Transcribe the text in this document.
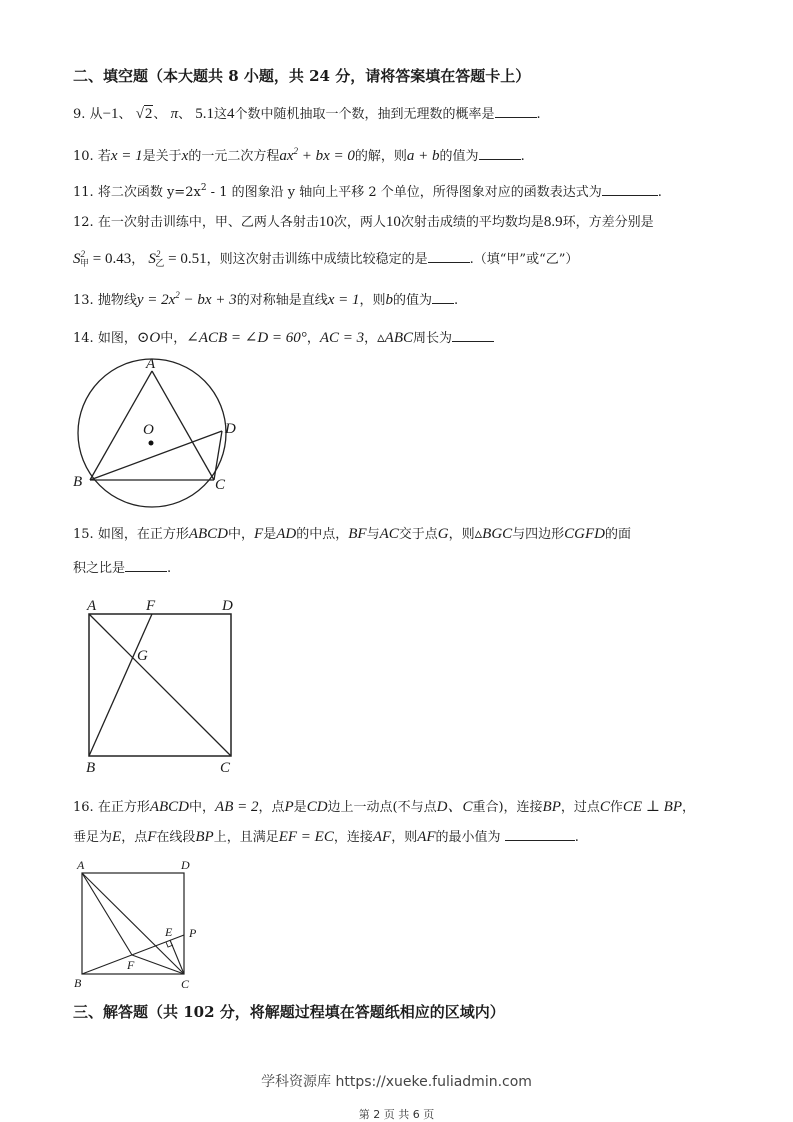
二、填空题（本大题共 8 小题，共 24 分，请将答案填在答题卡上）
9. 从−1、 √2、 π、 5.1这4个数中随机抽取一个数，抽到无理数的概率是	.
10. 若x = 1是关于x的一元二次方程$ax^2$ + bx = 0的解，则a + b的值为	.
11. 将二次函数 $y=2x^2 - 1$ 的图象沿 y 轴向上平移 2 个单位，所得图象对应的函数表达式为	.
12. 在一次射击训练中，甲、乙两人各射击10次，两人10次射击成绩的平均数均是8.9环，方差分别是
$S^2_甲 = 0.43$， $S^2_乙 = 0.51$，则这次射击训练中成绩比较稳定的是	.（填“甲”或“乙”）
13. 抛物线$y = 2x^2$ − bx + 3的对称轴是直线x = 1，则b的值为 .
14. 如图，⊙O中，∠ACB = ∠D = 60°，AC = 3，▵ABC周长为
A
O	D
B	C
A	F	D
G
B	C
A	D
E P
F
B	C
15. 如图，在正方形ABCD中，F是AD的中点，BF与AC交于点G，则▵BGC与四边形CGFD的面
积之比是	.
16. 在正方形ABCD中，AB = 2，点P是CD边上一动点(不与点D、C重合)，连接BP，过点C作CE ⊥ BP，
垂足为E，点F在线段BP上，且满足EF = EC，连接AF，则AF的最小值为	.
三、解答题（共 102 分，将解题过程填在答题纸相应的区域内）
学科资源库 https://xueke.fuliadmin.com
第 2 页 共 6 页
